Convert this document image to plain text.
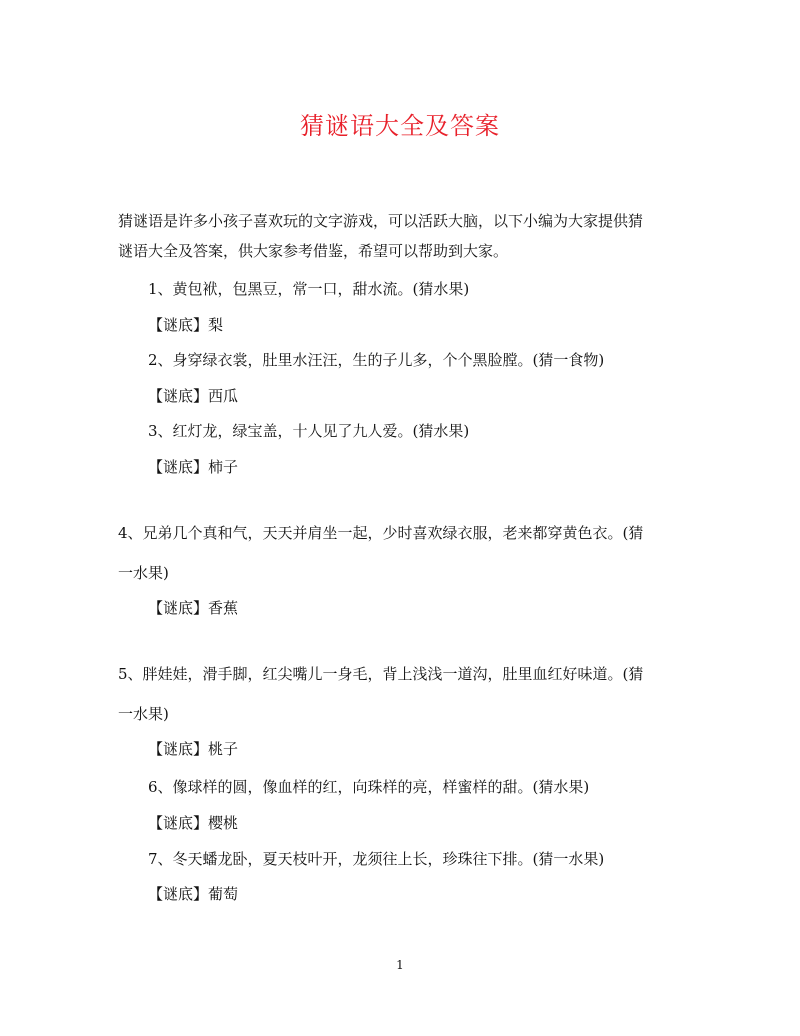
猜谜语大全及答案
猜谜语是许多小孩子喜欢玩的文字游戏，可以活跃大脑，以下小编为大家提供猜
谜语大全及答案，供大家参考借鉴，希望可以帮助到大家。
1、黄包袱，包黑豆，常一口，甜水流。(猜水果)
【谜底】梨
2、身穿绿衣裳，肚里水汪汪，生的子儿多，个个黑脸膛。(猜一食物)
【谜底】西瓜
3、红灯龙，绿宝盖，十人见了九人爱。(猜水果)
【谜底】柿子
4、兄弟几个真和气，天天并肩坐一起，少时喜欢绿衣服，老来都穿黄色衣。(猜
一水果)
【谜底】香蕉
5、胖娃娃，滑手脚，红尖嘴儿一身毛，背上浅浅一道沟，肚里血红好味道。(猜
一水果)
【谜底】桃子
6、像球样的圆，像血样的红，向珠样的亮，样蜜样的甜。(猜水果)
【谜底】樱桃
7、冬天蟠龙卧，夏天枝叶开，龙须往上长，珍珠往下排。(猜一水果)
【谜底】葡萄
1
